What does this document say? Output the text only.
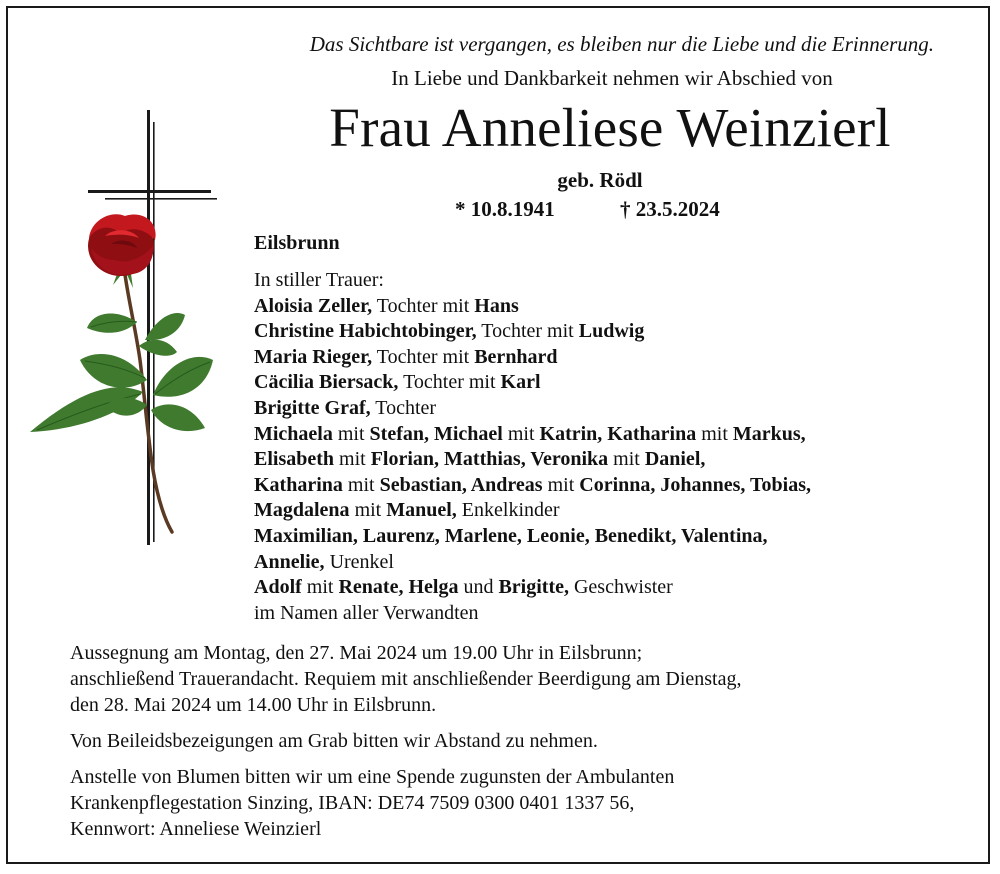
Das Sichtbare ist vergangen, es bleiben nur die Liebe und die Erinnerung.
In Liebe und Dankbarkeit nehmen wir Abschied von
Frau Anneliese Weinzierl
geb. Rödl
* 10.8.1941	† 23.5.2024
Eilsbrunn
In stiller Trauer:
Aloisia Zeller, Tochter mit Hans
Christine Habichtobinger, Tochter mit Ludwig
Maria Rieger, Tochter mit Bernhard
Cäcilia Biersack, Tochter mit Karl
Brigitte Graf, Tochter
Michaela mit Stefan, Michael mit Katrin, Katharina mit Markus,
Elisabeth mit Florian, Matthias, Veronika mit Daniel,
Katharina mit Sebastian, Andreas mit Corinna, Johannes, Tobias,
Magdalena mit Manuel, Enkelkinder
Maximilian, Laurenz, Marlene, Leonie, Benedikt, Valentina,
Annelie, Urenkel
Adolf mit Renate, Helga und Brigitte, Geschwister
im Namen aller Verwandten
Aussegnung am Montag, den 27. Mai 2024 um 19.00 Uhr in Eilsbrunn;
anschließend Trauerandacht. Requiem mit anschließender Beerdigung am Dienstag,
den 28. Mai 2024 um 14.00 Uhr in Eilsbrunn.
Von Beileidsbezeigungen am Grab bitten wir Abstand zu nehmen.
Anstelle von Blumen bitten wir um eine Spende zugunsten der Ambulanten
Krankenpflegestation Sinzing, IBAN: DE74 7509 0300 0401 1337 56,
Kennwort: Anneliese Weinzierl
